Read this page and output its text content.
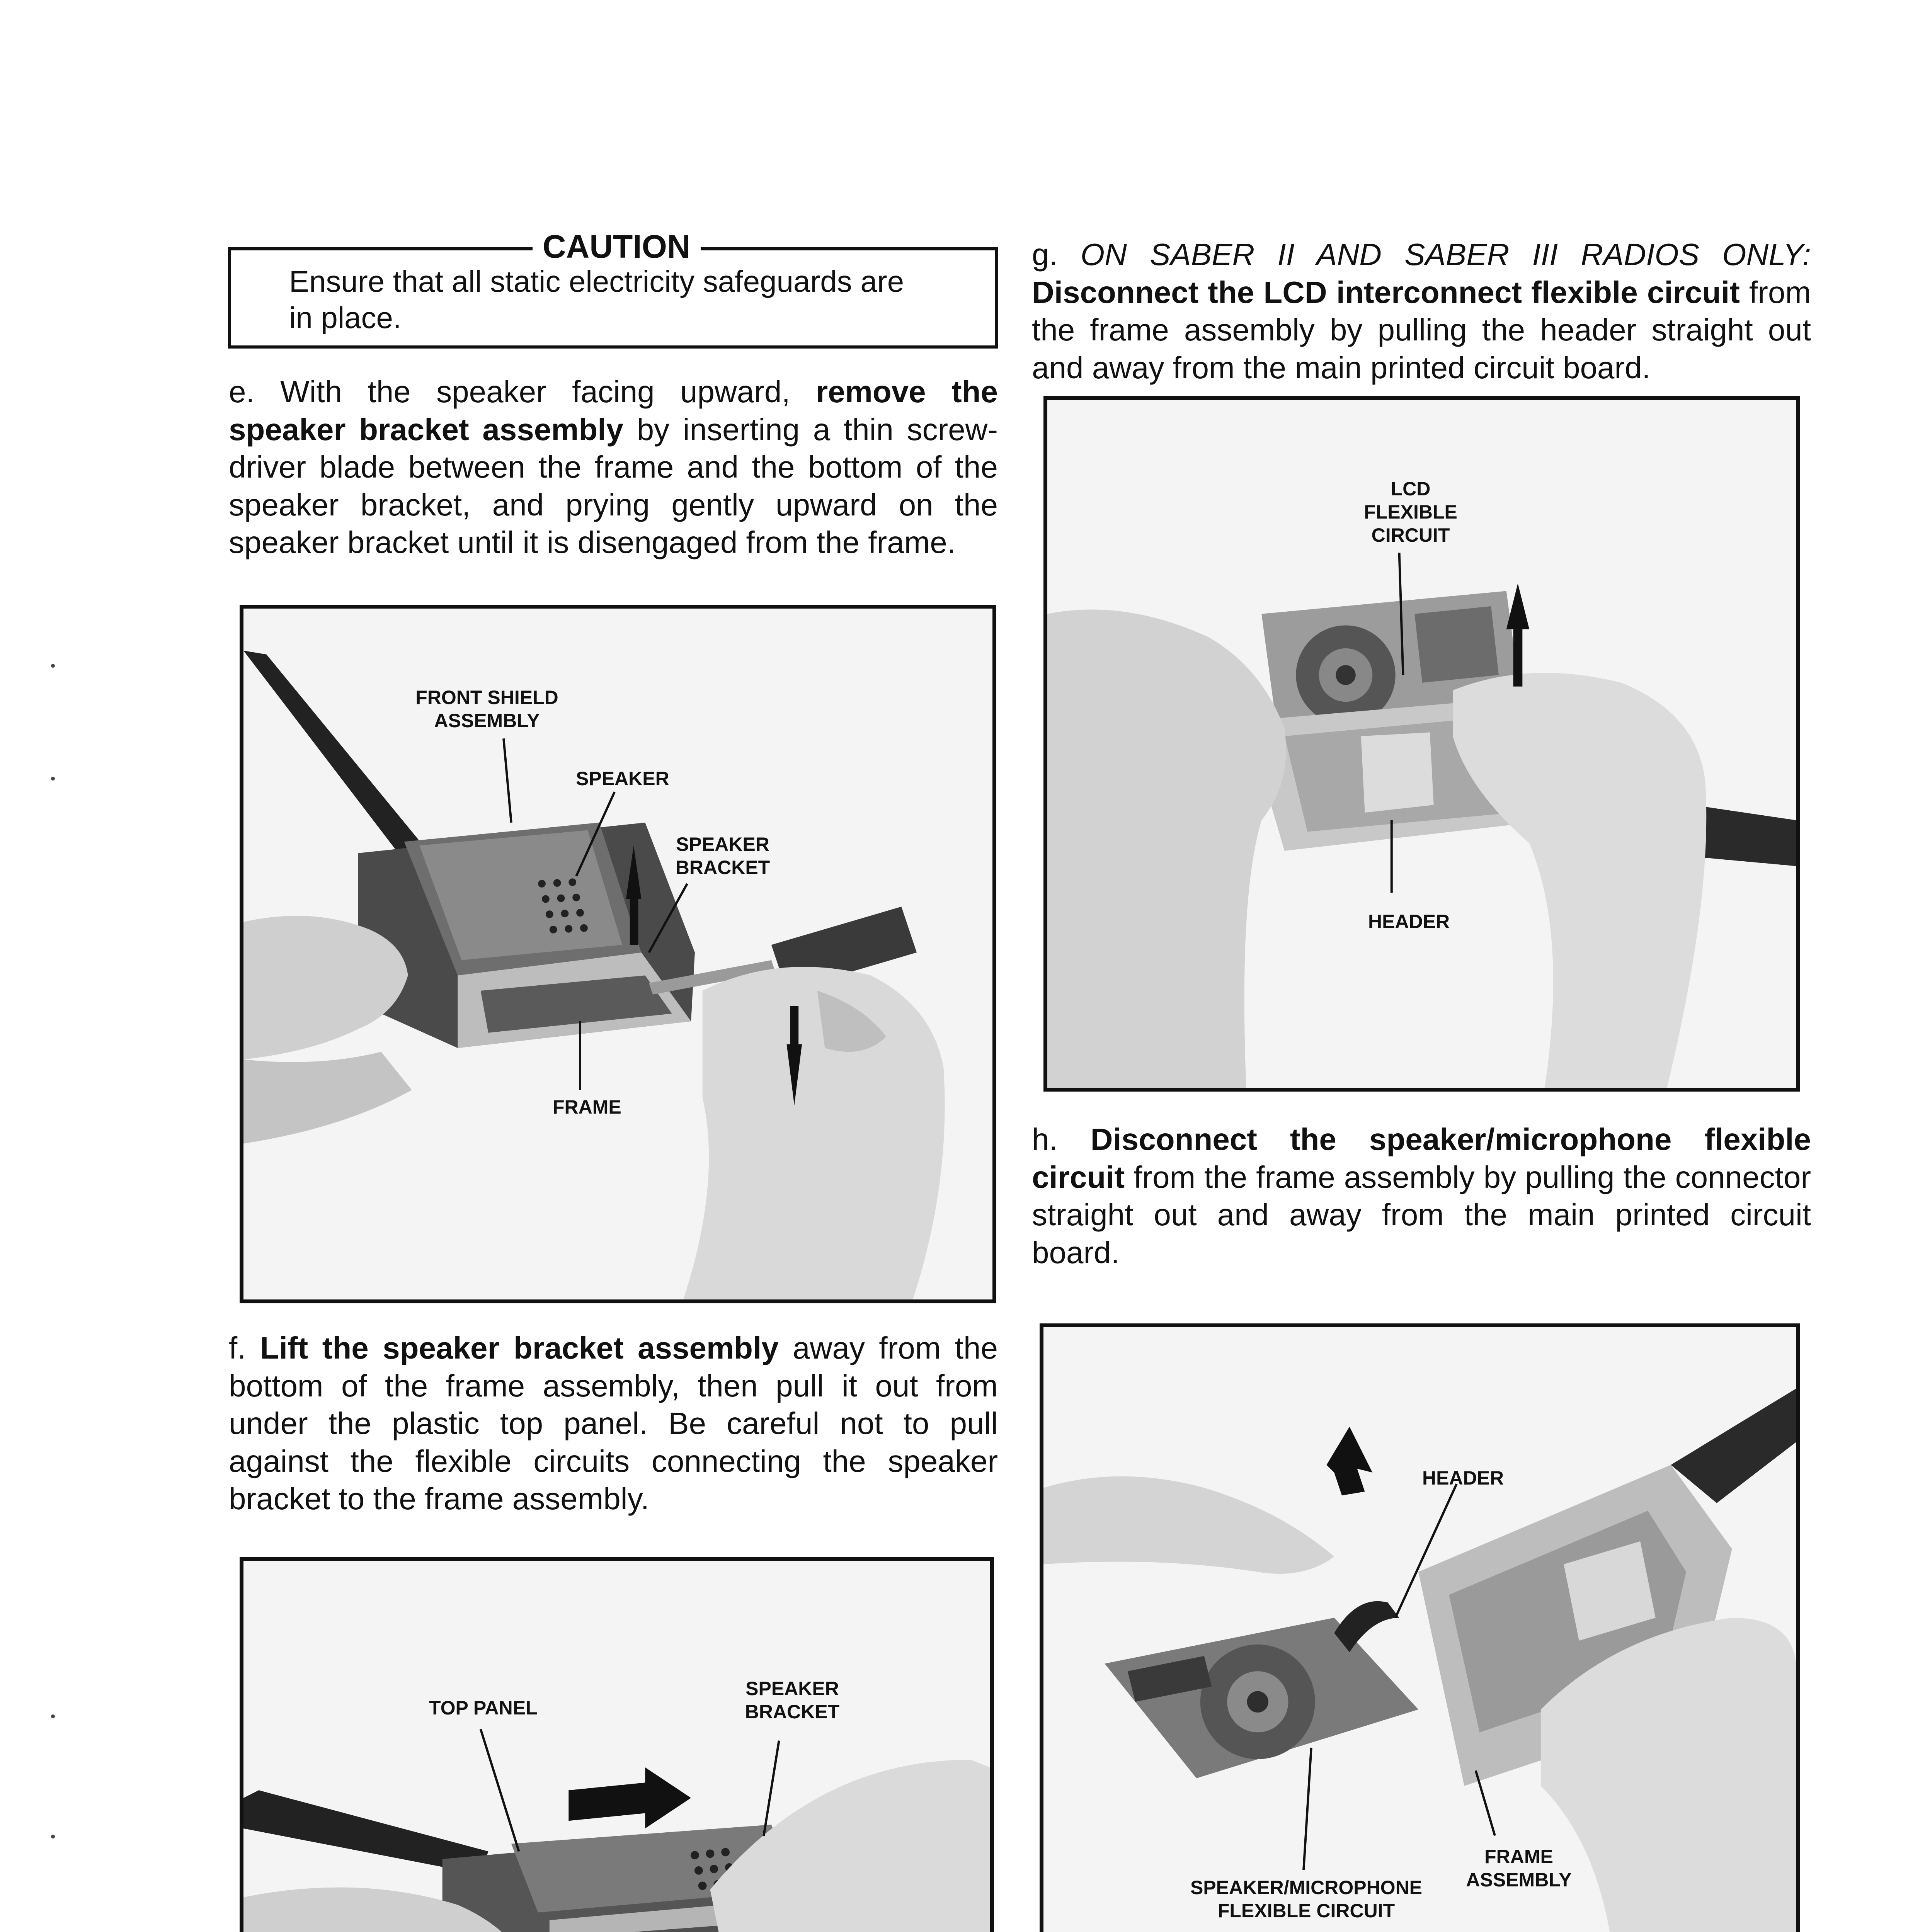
CAUTION
Ensure that all static electricity safeguards are
in place.
e. With the speaker facing upward, remove the speaker bracket assembly by inserting a thin screw-driver blade between the frame and the bottom of the speaker bracket, and prying gently upward on the speaker bracket until it is disengaged from the frame.
FRONT SHIELD ASSEMBLY
SPEAKER
SPEAKER BRACKET
FRAME
f. Lift the speaker bracket assembly away from the bottom of the frame assembly, then pull it out from under the plastic top panel. Be careful not to pull against the flexible circuits connecting the speaker bracket to the frame assembly.
TOP PANEL
SPEAKER BRACKET
g. ON SABER II AND SABER III RADIOS ONLY: Disconnect the LCD interconnect flexible circuit from the frame assembly by pulling the header straight out and away from the main printed circuit board.
LCD FLEXIBLE CIRCUIT
HEADER
h. Disconnect the speaker/microphone flexible circuit from the frame assembly by pulling the connector straight out and away from the main printed circuit board.
HEADER
SPEAKER/MICROPHONE FLEXIBLE CIRCUIT
FRAME ASSEMBLY
